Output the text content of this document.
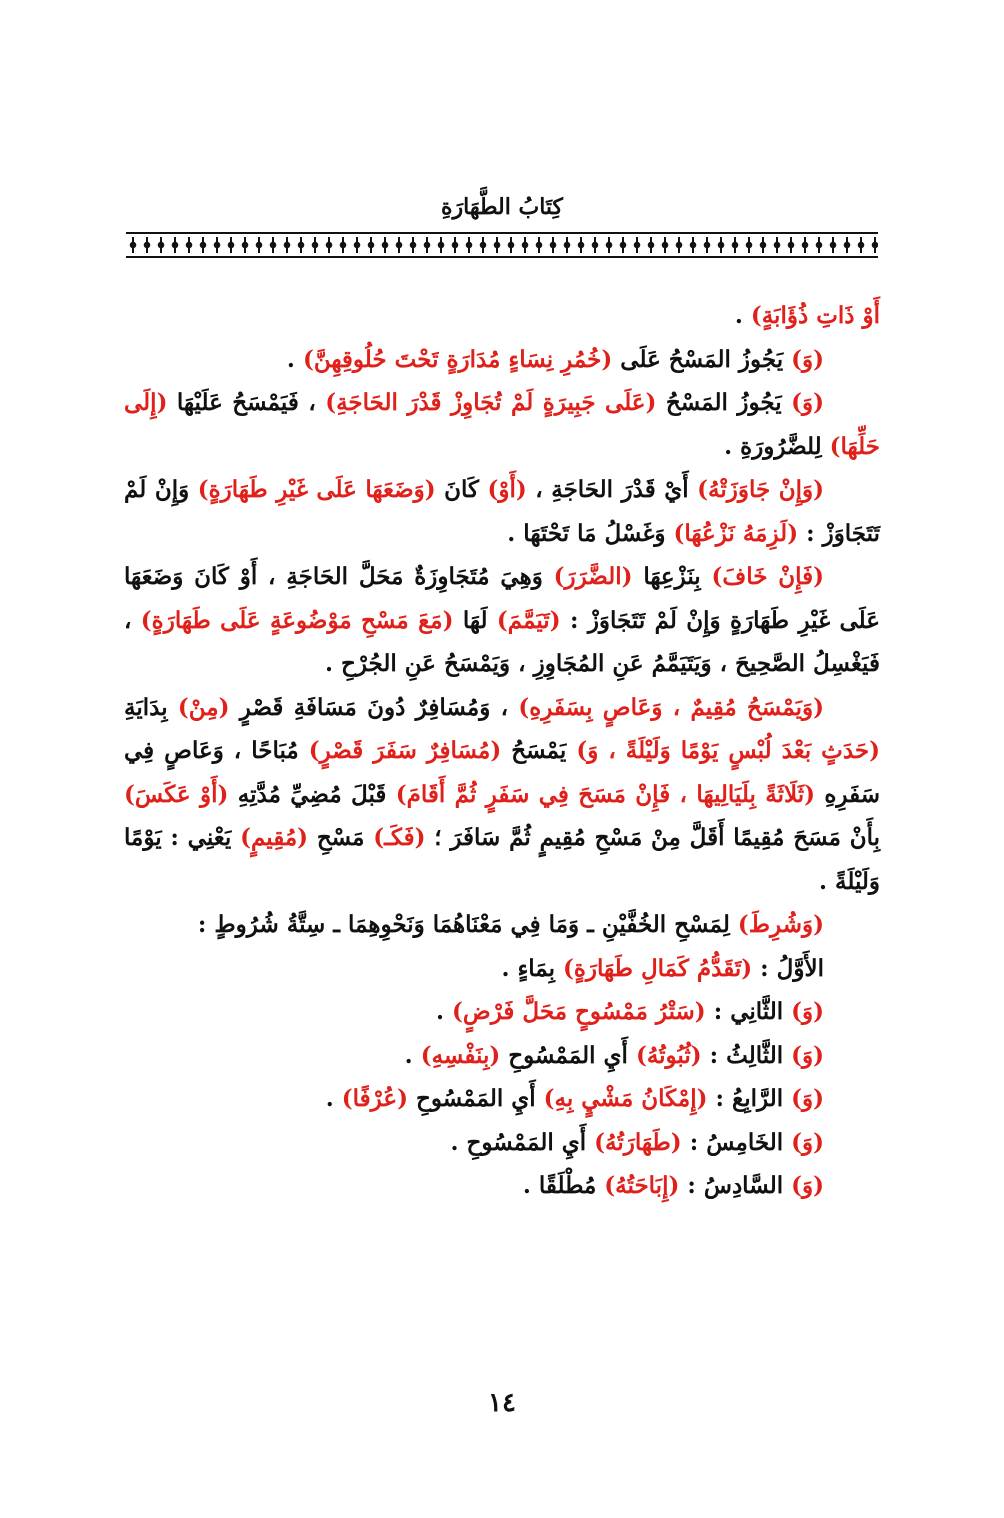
كِتَابُ الطَّهَارَةِ

أَوْ ذَاتِ ذُؤَابَةٍ) .

(وَ) يَجُوزُ المَسْحُ عَلَى (خُمُرِ نِسَاءٍ مُدَارَةٍ تَحْتَ حُلُوقِهِنَّ) .

(وَ) يَجُوزُ المَسْحُ (عَلَى جَبِيرَةٍ لَمْ تُجَاوِزْ قَدْرَ الحَاجَةِ) ، فَيَمْسَحُ عَلَيْهَا (إِلَى حَلِّهَا) لِلضَّرُورَةِ .

(وَإِنْ جَاوَزَتْهُ) أَيْ قَدْرَ الحَاجَةِ ، (أَوْ) كَانَ (وَضَعَهَا عَلَى غَيْرِ طَهَارَةٍ) وَإِنْ لَمْ تَتَجَاوَزْ : (لَزِمَهُ نَزْعُهَا) وَغَسْلُ مَا تَحْتَهَا .

(فَإِنْ خَافَ) بِنَزْعِهَا (الضَّرَرَ) وَهِيَ مُتَجَاوِزَةٌ مَحَلَّ الحَاجَةِ ، أَوْ كَانَ وَضَعَهَا عَلَى غَيْرِ طَهَارَةٍ وَإِنْ لَمْ تَتَجَاوَزْ : (تَيَمَّمَ) لَهَا (مَعَ مَسْحِ مَوْضُوعَةٍ عَلَى طَهَارَةٍ) ، فَيَغْسِلُ الصَّحِيحَ ، وَيَتَيَمَّمُ عَنِ المُجَاوِزِ ، وَيَمْسَحُ عَنِ الجُرْحِ .

(وَيَمْسَحُ مُقِيمٌ ، وَعَاصٍ بِسَفَرِهِ) ، وَمُسَافِرٌ دُونَ مَسَافَةِ قَصْرٍ (مِنْ) بِدَايَةِ (حَدَثٍ بَعْدَ لُبْسٍ يَوْمًا وَلَيْلَةً ، وَ) يَمْسَحُ (مُسَافِرٌ سَفَرَ قَصْرٍ) مُبَاحًا ، وَعَاصٍ فِي سَفَرِهِ (ثَلَاثَةً بِلَيَالِيهَا ، فَإِنْ مَسَحَ فِي سَفَرٍ ثُمَّ أَقَامَ) قَبْلَ مُضِيِّ مُدَّتِهِ (أَوْ عَكَسَ) بِأَنْ مَسَحَ مُقِيمًا أَقَلَّ مِنْ مَسْحِ مُقِيمٍ ثُمَّ سَافَرَ ؛ (فَكَـ) مَسْحِ (مُقِيمٍ) يَعْنِي : يَوْمًا وَلَيْلَةً .

(وَشُرِطَ) لِمَسْحِ الخُفَّيْنِ ـ وَمَا فِي مَعْنَاهُمَا وَنَحْوِهِمَا ـ سِتَّةُ شُرُوطٍ :

الأَوَّلُ : (تَقَدُّمُ كَمَالِ طَهَارَةٍ) بِمَاءٍ .

(وَ) الثَّانِي : (سَتْرُ مَمْسُوحٍ مَحَلَّ فَرْضٍ) .

(وَ) الثَّالِثُ : (ثُبُوتُهُ) أَيِ المَمْسُوحِ (بِنَفْسِهِ) .

(وَ) الرَّابِعُ : (إِمْكَانُ مَشْيٍ بِهِ) أَيِ المَمْسُوحِ (عُرْفًا) .

(وَ) الخَامِسُ : (طَهَارَتُهُ) أَيِ المَمْسُوحِ .

(وَ) السَّادِسُ : (إِبَاحَتُهُ) مُطْلَقًا .

١٤
